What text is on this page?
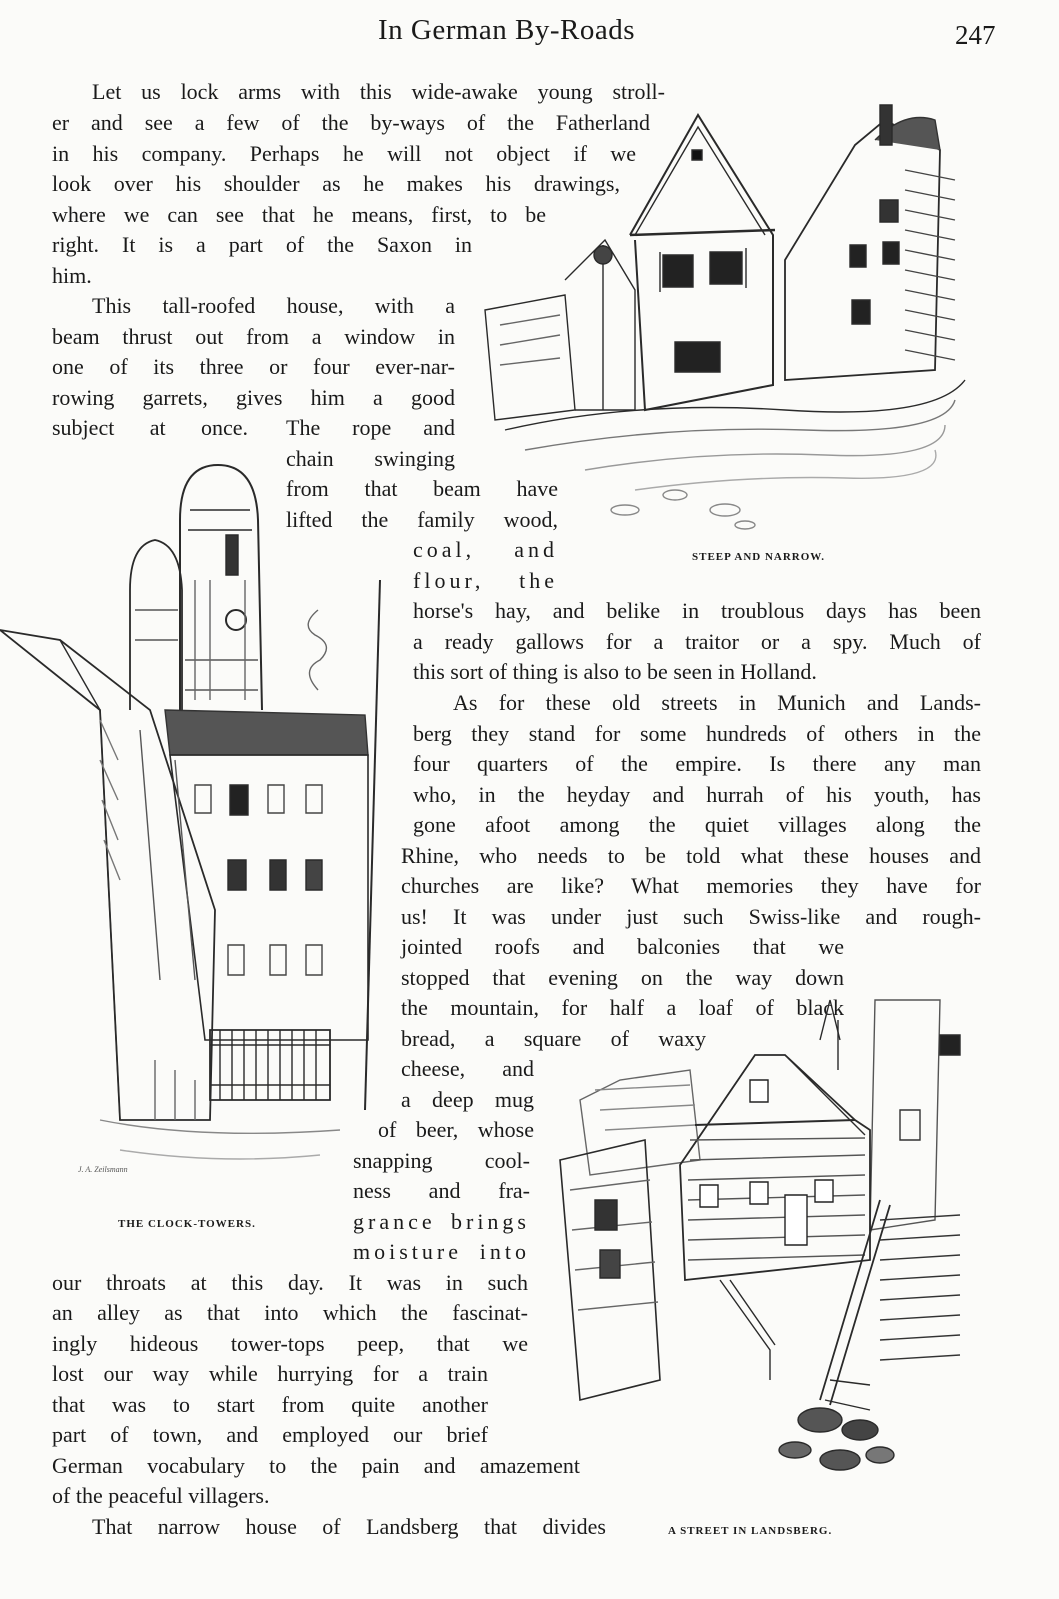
In German By-Roads	247
Let us lock arms with this wide-awake young stroll-
er and see a few of the by-ways of the Fatherland
in his company. Perhaps he will not object if we
look over his shoulder as he makes his drawings,
where we can see that he means, first, to be
right. It is a part of the Saxon in
him.
This tall-roofed house, with a
beam thrust out from a window in
one of its three or four ever-nar-
rowing garrets, gives him a good
subject at once. The rope and
chain swinging
from that beam have
lifted the family wood,
coal, and
flour, the
horse's hay, and belike in troublous days has been
a ready gallows for a traitor or a spy. Much of
this sort of thing is also to be seen in Holland.
As for these old streets in Munich and Lands-
berg they stand for some hundreds of others in the
four quarters of the empire. Is there any man
who, in the heyday and hurrah of his youth, has
gone afoot among the quiet villages along the
Rhine, who needs to be told what these houses and
churches are like? What memories they have for
us! It was under just such Swiss-like and rough-
jointed roofs and balconies that we
stopped that evening on the way down
the mountain, for half a loaf of black
bread, a square of waxy
cheese, and
a deep mug
of beer, whose
snapping cool-
ness and fra-
grance brings
moisture into
our throats at this day. It was in such
an alley as that into which the fascinat-
ingly hideous tower-tops peep, that we
lost our way while hurrying for a train
that was to start from quite another
part of town, and employed our brief
German vocabulary to the pain and amazement
of the peaceful villagers.
That narrow house of Landsberg that divides
STEEP AND NARROW.
J. A. Zeilsmann
THE CLOCK-TOWERS.
A STREET IN LANDSBERG.
